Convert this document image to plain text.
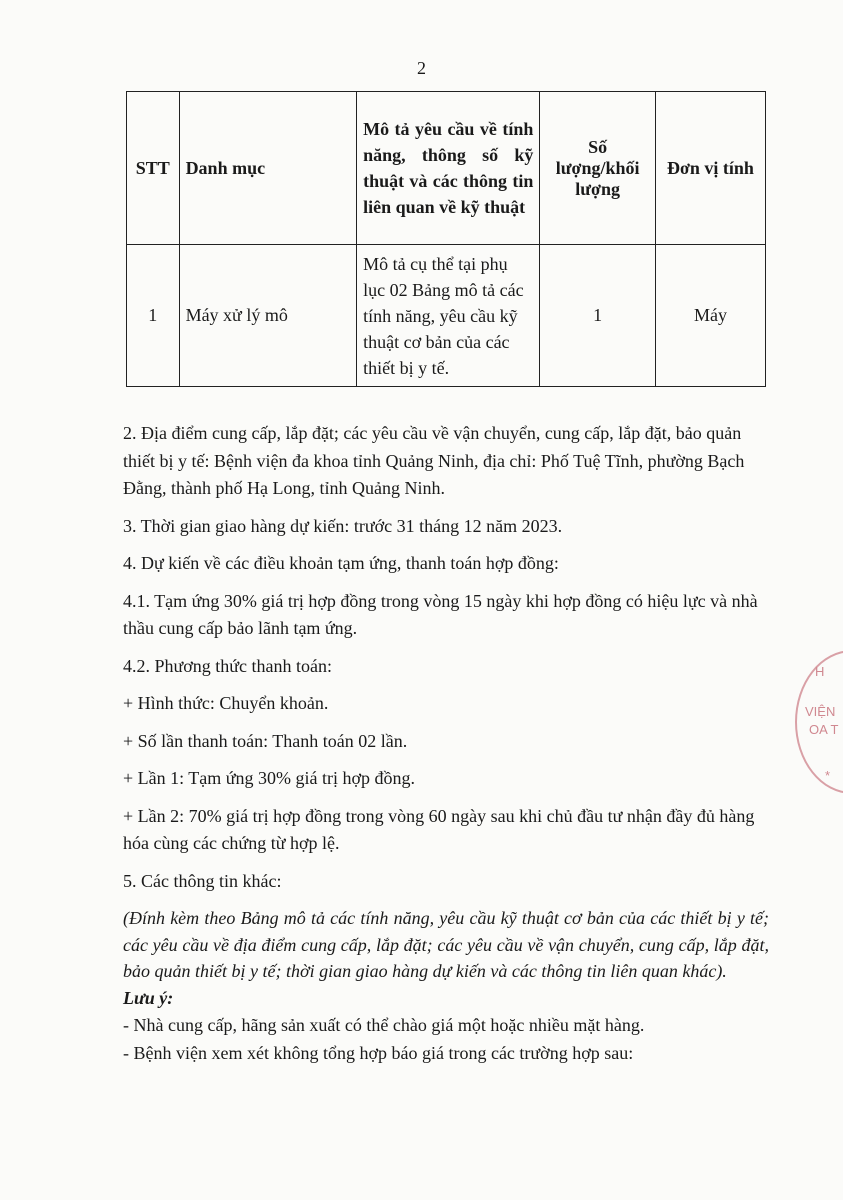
2
STT	Danh mục	Mô tả yêu cầu về tính năng, thông số kỹ thuật và các thông tin liên quan về kỹ thuật	Số lượng/khối lượng	Đơn vị tính
1	Máy xử lý mô	Mô tả cụ thể tại phụ lục 02 Bảng mô tả các tính năng, yêu cầu kỹ thuật cơ bản của các thiết bị y tế.	1	Máy

2. Địa điểm cung cấp, lắp đặt; các yêu cầu về vận chuyển, cung cấp, lắp đặt, bảo quản thiết bị y tế: Bệnh viện đa khoa tỉnh Quảng Ninh, địa chỉ: Phố Tuệ Tĩnh, phường Bạch Đằng, thành phố Hạ Long, tỉnh Quảng Ninh.

3. Thời gian giao hàng dự kiến: trước 31 tháng 12 năm 2023.

4. Dự kiến về các điều khoản tạm ứng, thanh toán hợp đồng:

4.1. Tạm ứng 30% giá trị hợp đồng trong vòng 15 ngày khi hợp đồng có hiệu lực và nhà thầu cung cấp bảo lãnh tạm ứng.

4.2. Phương thức thanh toán:

+ Hình thức: Chuyển khoản.

+ Số lần thanh toán: Thanh toán 02 lần.

+ Lần 1: Tạm ứng 30% giá trị hợp đồng.

+ Lần 2: 70% giá trị hợp đồng trong vòng 60 ngày sau khi chủ đầu tư nhận đầy đủ hàng hóa cùng các chứng từ hợp lệ.

5. Các thông tin khác:

(Đính kèm theo Bảng mô tả các tính năng, yêu cầu kỹ thuật cơ bản của các thiết bị y tế; các yêu cầu về địa điểm cung cấp, lắp đặt; các yêu cầu về vận chuyển, cung cấp, lắp đặt, bảo quản thiết bị y tế; thời gian giao hàng dự kiến và các thông tin liên quan khác).

Lưu ý:

- Nhà cung cấp, hãng sản xuất có thể chào giá một hoặc nhiều mặt hàng.

- Bệnh viện xem xét không tổng hợp báo giá trong các trường hợp sau:

H
VIỆN
OA T
*
